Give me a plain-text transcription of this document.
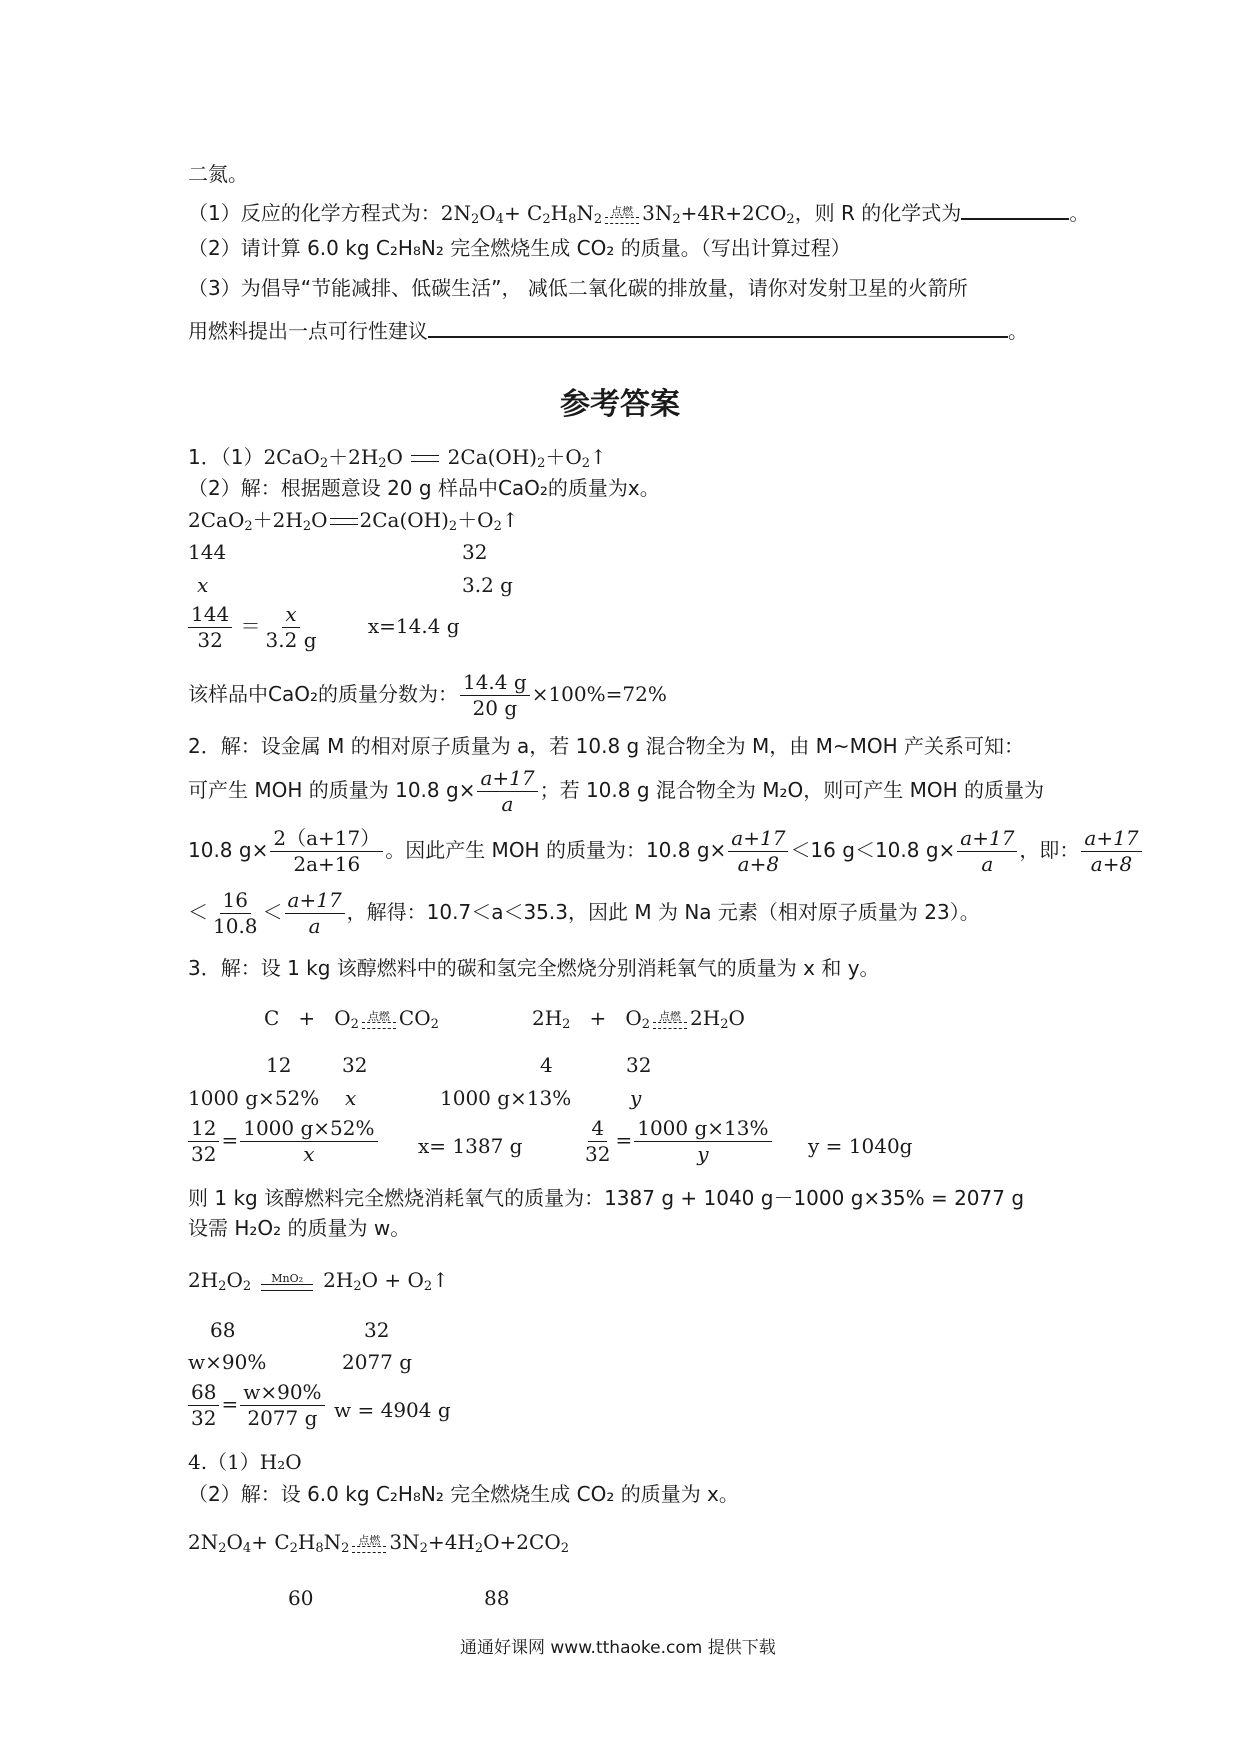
二氮。
（1）反应的化学方程式为：$2N_2O_4+ C_2H_8N_2$
点燃 $3N_2+4R+2CO_2$，则 R 的化学式为	。
（2）请计算 6.0 kg C₂H₈N₂ 完全燃烧生成 CO₂ 的质量。（写出计算过程）
（3）为倡导“节能减排、低碳生活”， 减低二氧化碳的排放量，请你对发射卫星的火箭所
用燃料提出一点可行性建议	。
参考答案
1．$(1)2CaO_2+2H_2O$  $2Ca(OH)_2+O_2↑$
（2）解：根据题意设 20 g 样品中CaO₂的质量为x。
$2CaO_2+2H_2O$ $2Ca(OH)_2+O_2↑$
144	32
x	3.2 g
$\frac{144}{32} = \frac{x}{3.2 g} x=14.4$ g
该样品中CaO₂的质量分数为： $\frac{14.4 g}{20 g} \times 100\%=72\%$
2．解：设金属 M 的相对原子质量为 a，若 10.8 g 混合物全为 M，由 M~MOH 产关系可知：
可产生 MOH 的质量为 10.8 $g\times \frac{a+17}{a}$ ；若 10.8 g 混合物全为 M₂O，则可产生 MOH 的质量为
10.8 $g\times \frac{2(a+17)}{2a+16}$ 。因此产生 MOH 的质量为：10.8 $g\times \frac{a+17}{a+8} <16$ g＜10.8 $g\times \frac{a+17}{a}$ ，即： $\frac{a+17}{a+8}$
＜ $\frac{16}{10.8} < \frac{a+17}{a}$ ，解得：10.7＜a＜35.3，因此 M 为 Na 元素（相对原子质量为 23）。
3．解：设 1 kg 该醇燃料中的碳和氢完全燃烧分别消耗氧气的质量为 x 和 y。
$C + O_2$
点燃 $CO_2$	$2H_2 + O_2$
点燃 $2H_2O$
12	32	4	32
1000 g×52% x	1000 g×13%	y
$\frac{12}{32} = \frac{1000 g\times 52\%}{x} x= 1387$ g	$\frac{4}{32} = \frac{1000 g\times 13\%}{y}$ y = 1040g
则 1 kg 该醇燃料完全燃烧消耗氧气的质量为：1387 g + 1040 g－1000 g×35% = 2077 g
设需 H₂O₂ 的质量为 w。
$2H_2O_2$
MnO₂ $2H_2O$ + $O_2↑$
68	32
w×90%	2077 g
$\frac{68}{32} = \frac{w\times 90\%}{2077 g}$ w = 4904 g
4.（1）H₂O
（2）解：设 6.0 kg C₂H₈N₂ 完全燃烧生成 CO₂ 的质量为 x。
$2N_2O_4+ C_2H_8N_2$
点燃 $3N_2+4H_2O+2CO_2$
60	88
通通好课网 www.tthaoke.com 提供下载
